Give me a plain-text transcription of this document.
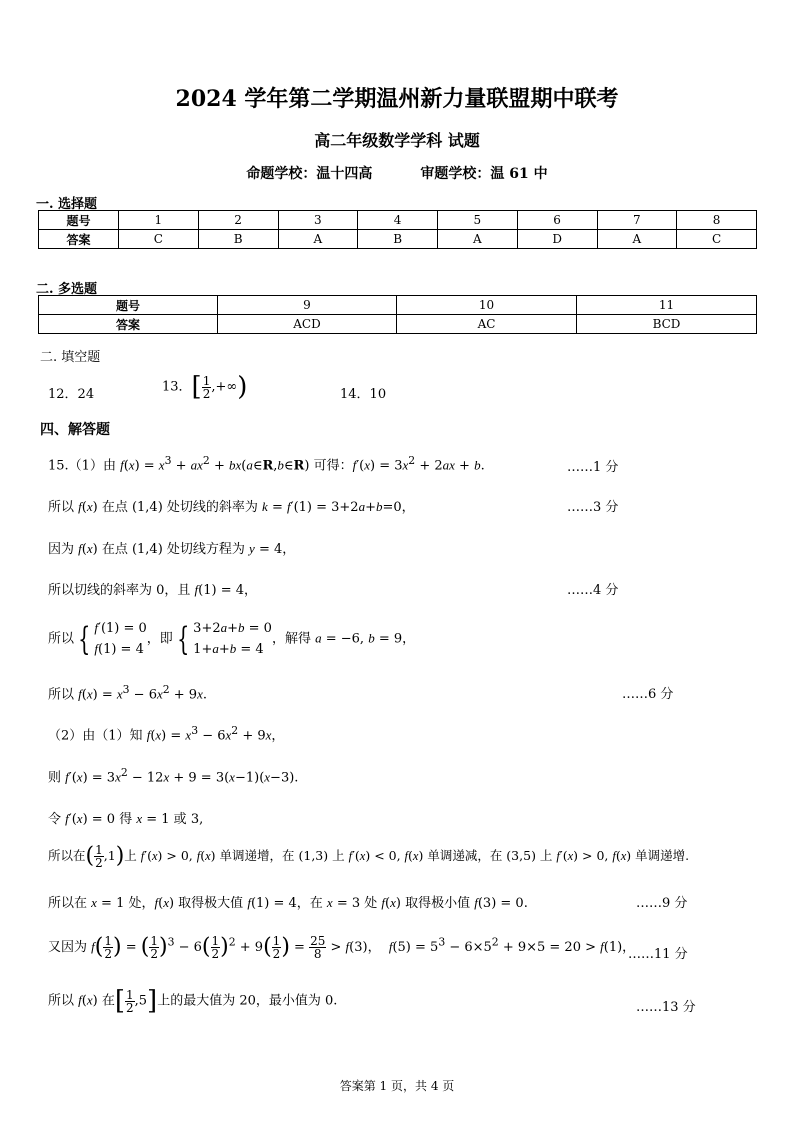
2024 学年第二学期温州新力量联盟期中联考
高二年级数学学科 试题
命题学校：温十四高	审题学校：温 61 中
一. 选择题
题号	1	2	3	4	5	6	7	8
答案	C	B	A	B	A	D	A	C
二. 多选题
题号	9	10	11
答案	ACD	AC	BCD
二. 填空题
12．24	13．[ $\frac{1}{2}$ ,+∞)	14．10
四、解答题
15.（1）由 $f(x) = x^3 + ax^2$ + bx(a∈R,b∈R) 可得：$f'(x) = 3x^2 + 2ax + b$.	……1 分
所以 f(x) 在点 (1,4) 处切线的斜率为 k = f′(1) = 3+2a+b=0，	……3 分
因为 f(x) 在点 (1,4) 处切线方程为 y = 4，
所以切线的斜率为 0，且 f(1) = 4，	……4 分
所以 { f′(1) = 0
f(1) = 4，即 { 3+2a+b = 0
1+a+b = 4，解得 a = −6, b = 9，
所以 $f(x) = x^3 - 6x^2 + 9x$.	……6 分
（2）由（1）知 $f(x) = x^3 - 6x^2 + 9x$，
则 $f'(x) = 3x^2 - 12x + 9 = 3(x-1)(x-3)$.
令 f′(x) = 0 得 x = 1 或 3,
所以在( $\frac{1}{2} ,1$)上 f′(x) > 0, f(x) 单调递增，在 (1,3) 上 f′(x) < 0, f(x) 单调递减，在 (3,5) 上 f′(x) > 0, f(x) 单调递增.
所以在 x = 1 处，f(x) 取得极大值 f(1) = 4，在 x = 3 处 f(x) 取得极小值 f(3) = 0.	……9 分
又因为 $f( \frac{1}{2}$ ) = ( $\frac{1}{2} )^3 - 6( \frac{1}{2} )^2 + 9( \frac{1}{2}$ ) = $\frac{25}{8} > f(3)$，  $f(5) = 5^3 - 6\times 5^2 + 9\times 5 = 20 > f(1)$，
……11 分
所以 f(x) 在[ $\frac{1}{2} ,5$]上的最大值为 20，最小值为 0.	……13 分
答案第 1 页，共 4 页
